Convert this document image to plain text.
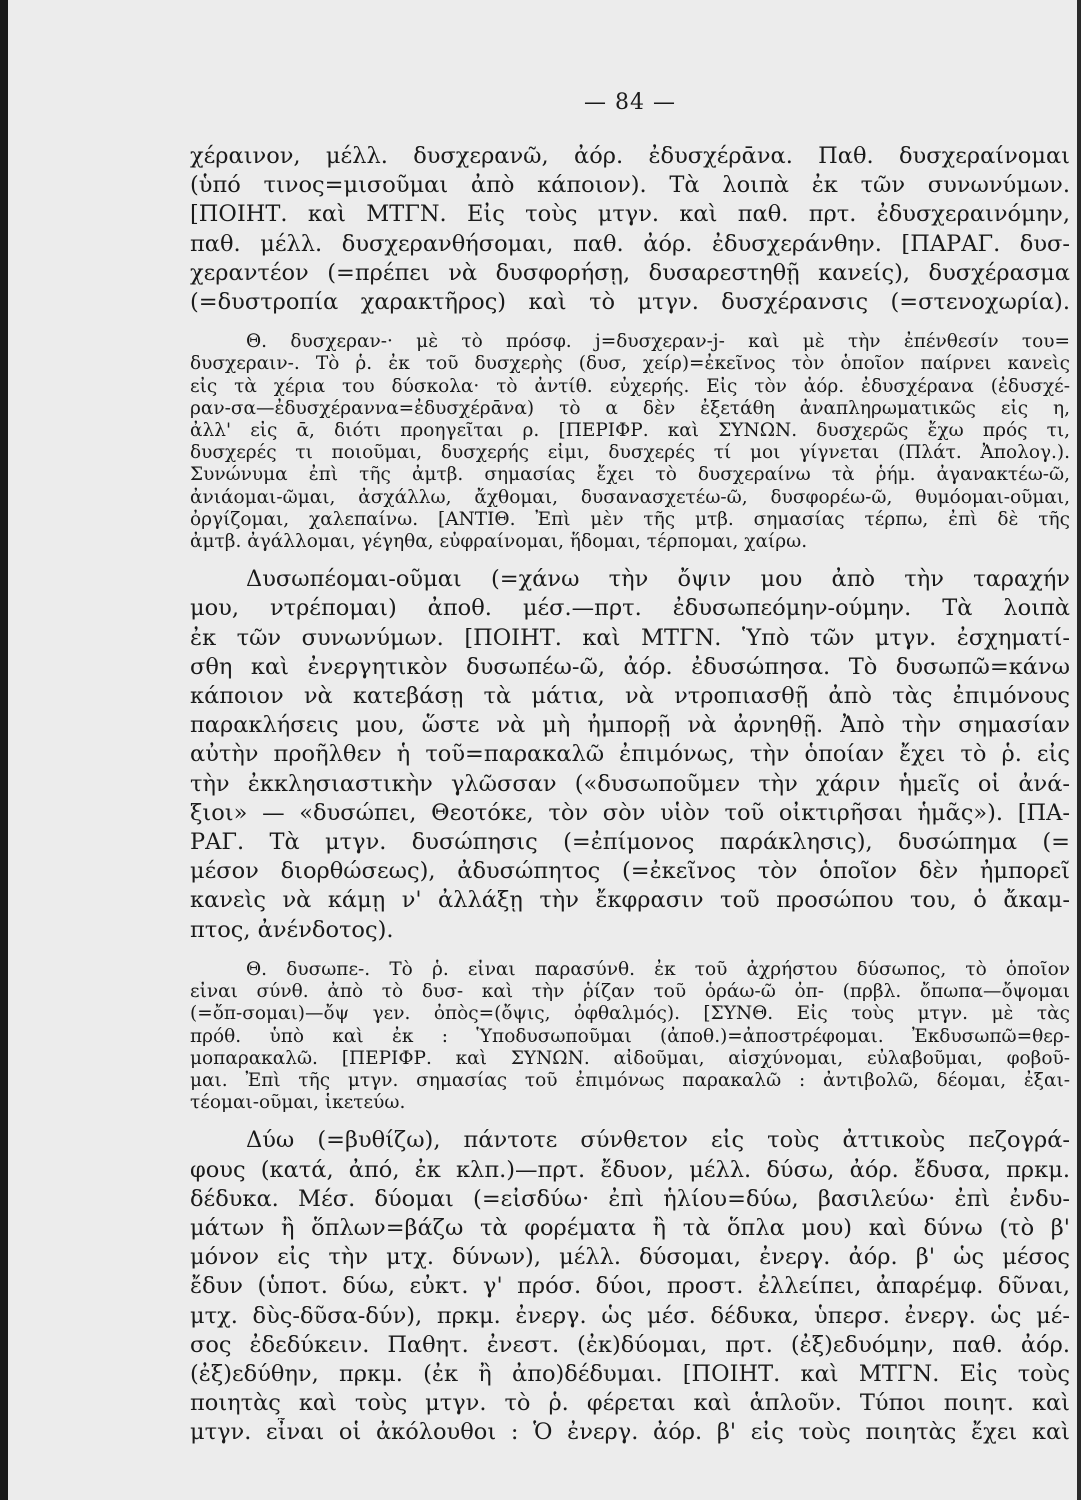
— 84 —

χέραινον, μέλλ. δυσχερανῶ, ἀόρ. ἐδυσχέρᾱνα. Παθ. δυσχεραίνομαι

(ὑπό τινος=μισοῦμαι ἀπὸ κάποιον). Τὰ λοιπὰ ἐκ τῶν συνωνύμων.

[ΠΟΙΗΤ. καὶ ΜΤΓΝ. Εἰς τοὺς μτγν. καὶ παθ. πρτ. ἐδυσχεραινόμην,

παθ. μέλλ. δυσχερανθήσομαι, παθ. ἀόρ. ἐδυσχεράνθην. [ΠΑΡΑΓ. δυσ-

χεραντέον (=πρέπει νὰ δυσφορήσῃ, δυσαρεστηθῇ κανείς), δυσχέρασμα

(=δυστροπία χαρακτῆρος) καὶ τὸ μτγν. δυσχέρανσις (=στενοχωρία).

Θ. δυσχεραν-· μὲ τὸ πρόσφ. j=δυσχεραν-j- καὶ μὲ τὴν ἐπένθεσίν του=

δυσχεραιν-. Τὸ ῥ. ἐκ τοῦ δυσχερὴς (δυσ, χείρ)=ἐκεῖνος τὸν ὁποῖον παίρνει κανεὶς

εἰς τὰ χέρια του δύσκολα· τὸ ἀντίθ. εὐχερής. Εἰς τὸν ἀόρ. ἐδυσχέρανα (ἐδυσχέ-

ραν-σα—ἐδυσχέραννα=ἐδυσχέρᾱνα) τὸ α δὲν ἐξετάθη ἀναπληρωματικῶς εἰς η,

ἀλλ' εἰς ᾱ, διότι προηγεῖται ρ. [ΠΕΡΙΦΡ. καὶ ΣΥΝΩΝ. δυσχερῶς ἔχω πρός τι,

δυσχερές τι ποιοῦμαι, δυσχερής εἰμι, δυσχερές τί μοι γίγνεται (Πλάτ. Ἀπολογ.).

Συνώνυμα ἐπὶ τῆς ἀμτβ. σημασίας ἔχει τὸ δυσχεραίνω τὰ ῥήμ. ἀγανακτέω-ῶ,

ἀνιάομαι-ῶμαι, ἀσχάλλω, ἄχθομαι, δυσανασχετέω-ῶ, δυσφορέω-ῶ, θυμόομαι-οῦμαι,

ὀργίζομαι, χαλεπαίνω. [ΑΝΤΙΘ. Ἐπὶ μὲν τῆς μτβ. σημασίας τέρπω, ἐπὶ δὲ τῆς

ἀμτβ. ἀγάλλομαι, γέγηθα, εὐφραίνομαι, ἥδομαι, τέρπομαι, χαίρω.

Δυσωπέομαι-οῦμαι (=χάνω τὴν ὄψιν μου ἀπὸ τὴν ταραχήν

μου, ντρέπομαι) ἀποθ. μέσ.—πρτ. ἐδυσωπεόμην-ούμην. Τὰ λοιπὰ

ἐκ τῶν συνωνύμων. [ΠΟΙΗΤ. καὶ ΜΤΓΝ. Ὑπὸ τῶν μτγν. ἐσχηματί-

σθη καὶ ἐνεργητικὸν δυσωπέω-ῶ, ἀόρ. ἐδυσώπησα. Τὸ δυσωπῶ=κάνω

κάποιον νὰ κατεβάσῃ τὰ μάτια, νὰ ντροπιασθῇ ἀπὸ τὰς ἐπιμόνους

παρακλήσεις μου, ὥστε νὰ μὴ ἠμπορῇ νὰ ἀρνηθῇ. Ἀπὸ τὴν σημασίαν

αὐτὴν προῆλθεν ἡ τοῦ=παρακαλῶ ἐπιμόνως, τὴν ὁποίαν ἔχει τὸ ῥ. εἰς

τὴν ἐκκλησιαστικὴν γλῶσσαν («δυσωποῦμεν τὴν χάριν ἡμεῖς οἱ ἀνά-

ξιοι» — «δυσώπει, Θεοτόκε, τὸν σὸν υἱὸν τοῦ οἰκτιρῆσαι ἡμᾶς»). [ΠΑ-

ΡΑΓ. Τὰ μτγν. δυσώπησις (=ἐπίμονος παράκλησις), δυσώπημα (=

μέσον διορθώσεως), ἀδυσώπητος (=ἐκεῖνος τὸν ὁποῖον δὲν ἠμπορεῖ

κανεὶς νὰ κάμῃ ν' ἀλλάξῃ τὴν ἔκφρασιν τοῦ προσώπου του, ὁ ἄκαμ-

πτος, ἀνένδοτος).

Θ. δυσωπε-. Τὸ ῥ. εἶναι παρασύνθ. ἐκ τοῦ ἀχρήστου δύσωπος, τὸ ὁποῖον

εἶναι σύνθ. ἀπὸ τὸ δυσ- καὶ τὴν ῥίζαν τοῦ ὁράω-ῶ ὀπ- (πρβλ. ὄπωπα—ὄψομαι

(=ὄπ-σομαι)—ὄψ γεν. ὀπὸς=(ὄψις, ὀφθαλμός). [ΣΥΝΘ. Εἰς τοὺς μτγν. μὲ τὰς

πρόθ. ὑπὸ καὶ ἐκ : Ὑποδυσωποῦμαι (ἀποθ.)=ἀποστρέφομαι. Ἐκδυσωπῶ=θερ-

μοπαρακαλῶ. [ΠΕΡΙΦΡ. καὶ ΣΥΝΩΝ. αἰδοῦμαι, αἰσχύνομαι, εὐλαβοῦμαι, φοβοῦ-

μαι. Ἐπὶ τῆς μτγν. σημασίας τοῦ ἐπιμόνως παρακαλῶ : ἀντιβολῶ, δέομαι, ἐξαι-

τέομαι-οῦμαι, ἱκετεύω.

Δύω (=βυθίζω), πάντοτε σύνθετον εἰς τοὺς ἀττικοὺς πεζογρά-

φους (κατά, ἀπό, ἐκ κλπ.)—πρτ. ἔδυον, μέλλ. δύσω, ἀόρ. ἔδυσα, πρκμ.

δέδυκα. Μέσ. δύομαι (=εἰσδύω· ἐπὶ ἡλίου=δύω, βασιλεύω· ἐπὶ ἐνδυ-

μάτων ἢ ὅπλων=βάζω τὰ φορέματα ἢ τὰ ὅπλα μου) καὶ δύνω (τὸ β'

μόνον εἰς τὴν μτχ. δύνων), μέλλ. δύσομαι, ἐνεργ. ἀόρ. β' ὡς μέσος

ἔδυν (ὑποτ. δύω, εὐκτ. γ' πρόσ. δύοι, προστ. ἐλλείπει, ἀπαρέμφ. δῦναι,

μτχ. δὺς-δῦσα-δύν), πρκμ. ἐνεργ. ὡς μέσ. δέδυκα, ὑπερσ. ἐνεργ. ὡς μέ-

σος ἐδεδύκειν. Παθητ. ἐνεστ. (ἐκ)δύομαι, πρτ. (ἐξ)εδυόμην, παθ. ἀόρ.

(ἐξ)εδύθην, πρκμ. (ἐκ ἢ ἀπο)δέδυμαι. [ΠΟΙΗΤ. καὶ ΜΤΓΝ. Εἰς τοὺς

ποιητὰς καὶ τοὺς μτγν. τὸ ῥ. φέρεται καὶ ἁπλοῦν. Τύποι ποιητ. καὶ

μτγν. εἶναι οἱ ἀκόλουθοι : Ὁ ἐνεργ. ἀόρ. β' εἰς τοὺς ποιητὰς ἔχει καὶ
